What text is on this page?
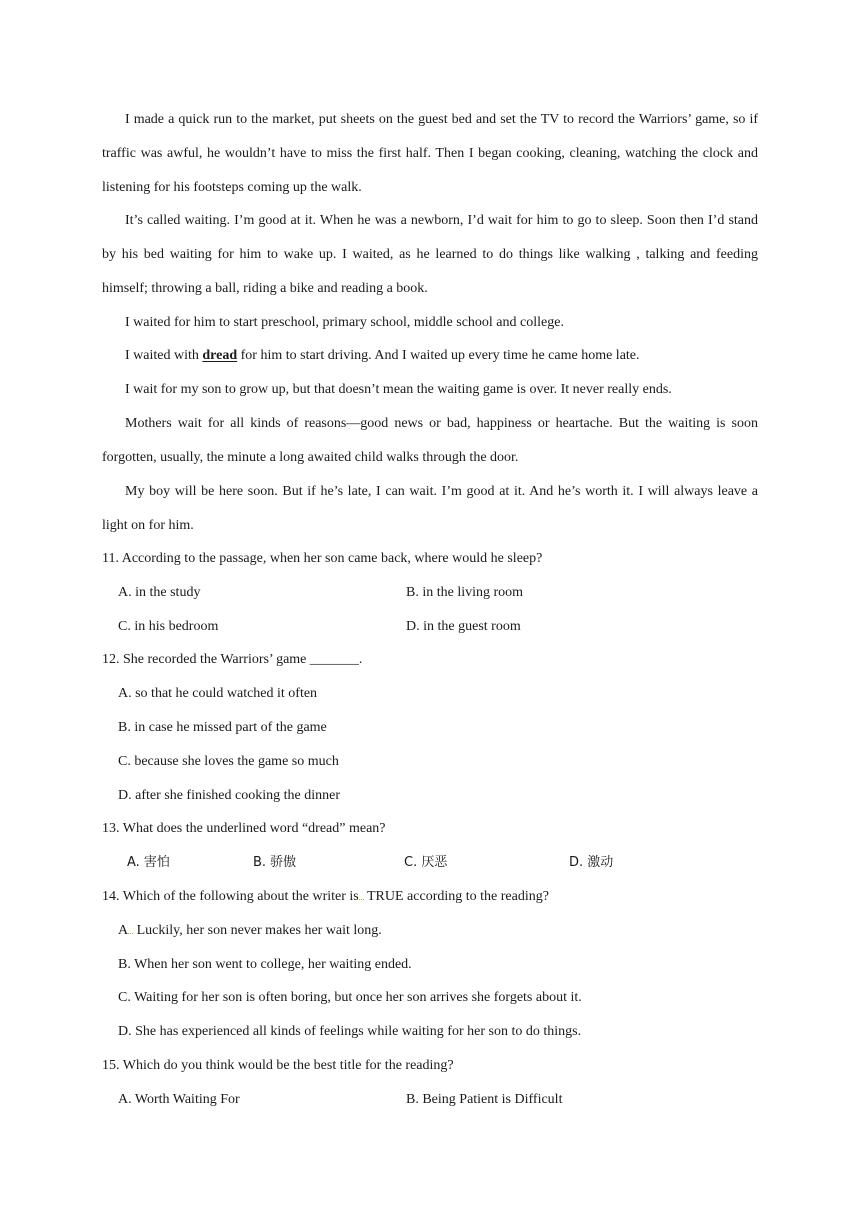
I made a quick run to the market, put sheets on the guest bed and set the TV to record the Warriors’ game, so if traffic was awful, he wouldn’t have to miss the first half. Then I began cooking, cleaning, watching the clock and listening for his footsteps coming up the walk.

It’s called waiting. I’m good at it. When he was a newborn, I’d wait for him to go to sleep. Soon then I’d stand by his bed waiting for him to wake up. I waited, as he learned to do things like walking , talking and feeding himself; throwing a ball, riding a bike and reading a book.

I waited for him to start preschool, primary school, middle school and college.

I waited with dread for him to start driving. And I waited up every time he came home late.

I wait for my son to grow up, but that doesn’t mean the waiting game is over. It never really ends.

Mothers wait for all kinds of reasons—good news or bad, happiness or heartache. But the waiting is soon forgotten, usually, the minute a long awaited child walks through the door.

My boy will be here soon. But if he’s late, I can wait. I’m good at it. And he’s worth it. I will always leave a light on for him.

11. According to the passage, when her son came back, where would he sleep?
A. in the study	B. in the living room
C. in his bedroom	D. in the guest room
12. She recorded the Warriors’ game _______.
A. so that he could watched it often
B. in case he missed part of the game
C. because she loves the game so much
D. after she finished cooking the dinner
13. What does the underlined word “dread” mean?
A. 害怕	B. 骄傲	C. 厌恶	D. 激动
14. Which of the following about the writer is TRUE according to the reading?
A Luckily, her son never makes her wait long.
B. When her son went to college, her waiting ended.
C. Waiting for her son is often boring, but once her son arrives she forgets about it.
D. She has experienced all kinds of feelings while waiting for her son to do things.
15. Which do you think would be the best title for the reading?
A. Worth Waiting For	B. Being Patient is Difficult
